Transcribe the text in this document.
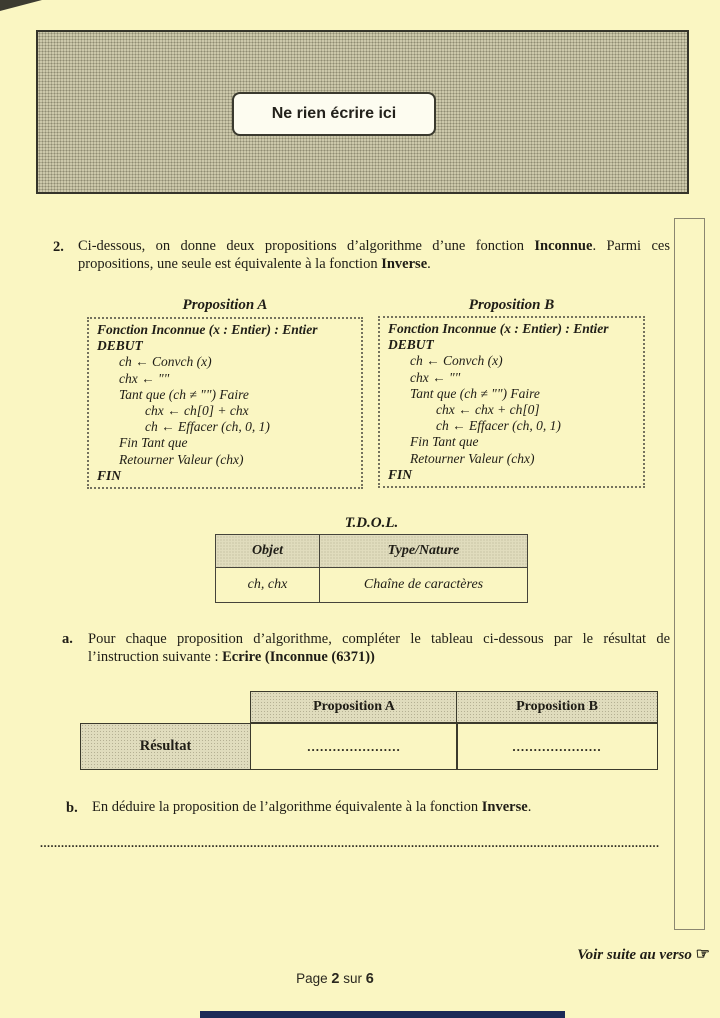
Ne rien écrire ici
2. Ci-dessous, on donne deux propositions d’algorithme d’une fonction Inconnue. Parmi ces propositions, une seule est équivalente à la fonction Inverse.
Proposition A	Proposition B
Fonction Inconnue (x : Entier) : Entier
DEBUT
ch ← Convch (x)
chx ← ""
Tant que (ch ≠ "") Faire
chx ← ch[0] + chx
ch ← Effacer (ch, 0, 1)
Fin Tant que
Retourner Valeur (chx)
FIN
Fonction Inconnue (x : Entier) : Entier
DEBUT
ch ← Convch (x)
chx ← ""
Tant que (ch ≠ "") Faire
chx ← chx + ch[0]
ch ← Effacer (ch, 0, 1)
Fin Tant que
Retourner Valeur (chx)
FIN
T.D.O.L.
Objet	Type/Nature
ch, chx	Chaîne de caractères
a. Pour chaque proposition d’algorithme, compléter le tableau ci-dessous par le résultat de l’instruction suivante : Ecrire (Inconnue (6371))
Proposition A	Proposition B
Résultat	......................	.....................
b. En déduire la proposition de l’algorithme équivalente à la fonction Inverse.
.................................................................................................................................................................................
Voir suite au verso ☞
Page 2 sur 6
